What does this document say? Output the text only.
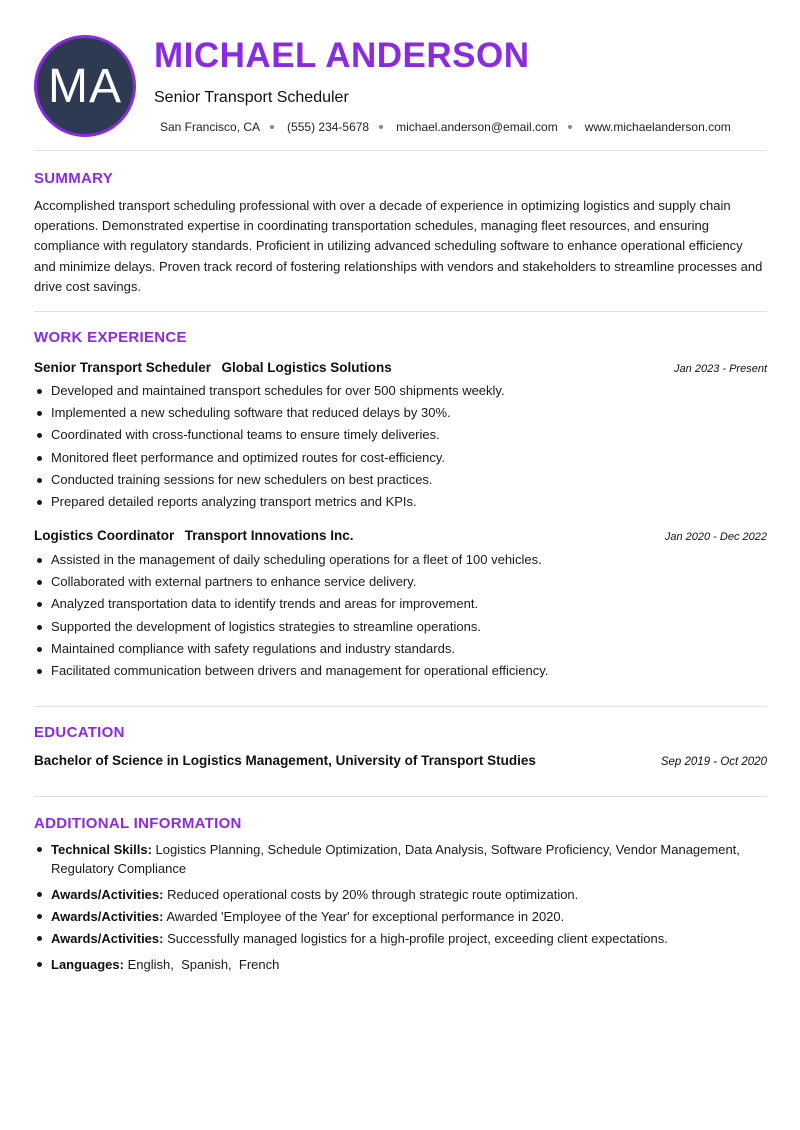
MA
MICHAEL ANDERSON
Senior Transport Scheduler
San Francisco, CA (555) 234-5678 michael.anderson@email.com www.michaelanderson.com
SUMMARY

Accomplished transport scheduling professional with over a decade of experience in optimizing logistics and supply chain operations. Demonstrated expertise in coordinating transportation schedules, managing fleet resources, and ensuring compliance with regulatory standards. Proficient in utilizing advanced scheduling software to enhance operational efficiency and minimize delays. Proven track record of fostering relationships with vendors and stakeholders to streamline processes and drive cost savings.

WORK EXPERIENCE
Senior Transport Scheduler Global Logistics Solutions	Jan 2023 - Present
Developed and maintained transport schedules for over 500 shipments weekly.
Implemented a new scheduling software that reduced delays by 30%.
Coordinated with cross-functional teams to ensure timely deliveries.
Monitored fleet performance and optimized routes for cost-efficiency.
Conducted training sessions for new schedulers on best practices.
Prepared detailed reports analyzing transport metrics and KPIs.
Logistics Coordinator Transport Innovations Inc.	Jan 2020 - Dec 2022
Assisted in the management of daily scheduling operations for a fleet of 100 vehicles.
Collaborated with external partners to enhance service delivery.
Analyzed transportation data to identify trends and areas for improvement.
Supported the development of logistics strategies to streamline operations.
Maintained compliance with safety regulations and industry standards.
Facilitated communication between drivers and management for operational efficiency.
EDUCATION
Bachelor of Science in Logistics Management, University of Transport Studies	Sep 2019 - Oct 2020
ADDITIONAL INFORMATION
Technical Skills: Logistics Planning, Schedule Optimization, Data Analysis, Software Proficiency, Vendor Management, Regulatory Compliance
Awards/Activities: Reduced operational costs by 20% through strategic route optimization.
Awards/Activities: Awarded 'Employee of the Year' for exceptional performance in 2020.
Awards/Activities: Successfully managed logistics for a high-profile project, exceeding client expectations.
Languages: English,  Spanish,  French
